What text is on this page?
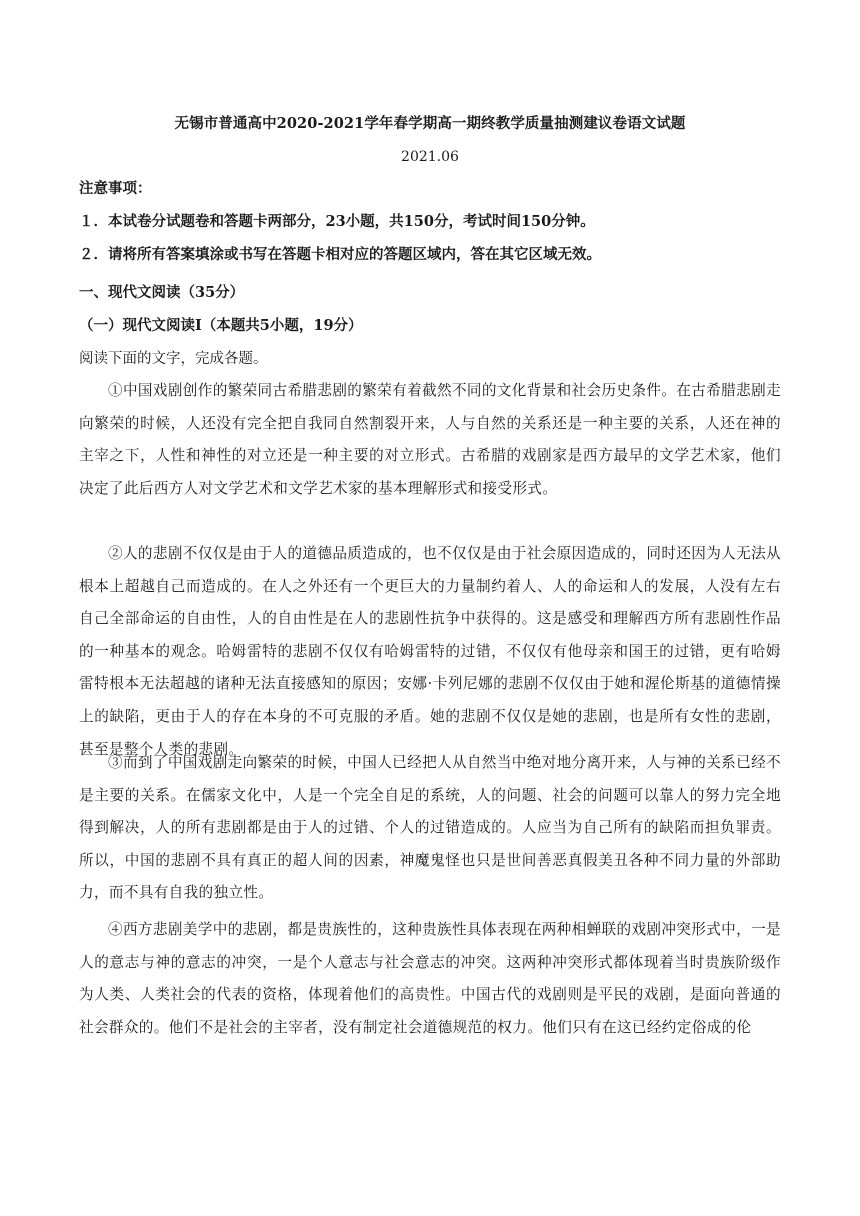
无锡市普通高中2020-2021学年春学期高一期终教学质量抽测建议卷语文试题
2021.06
注意事项：
１．本试卷分试题卷和答题卡两部分，23小题，共150分，考试时间150分钟。
２．请将所有答案填涂或书写在答题卡相对应的答题区域内，答在其它区域无效。
一、现代文阅读（35分）
（一）现代文阅读Ⅰ（本题共5小题，19分）
阅读下面的文字，完成各题。
①中国戏剧创作的繁荣同古希腊悲剧的繁荣有着截然不同的文化背景和社会历史条件。在古希腊悲剧走向繁荣的时候，人还没有完全把自我同自然割裂开来，人与自然的关系还是一种主要的关系，人还在神的主宰之下，人性和神性的对立还是一种主要的对立形式。古希腊的戏剧家是西方最早的文学艺术家，他们决定了此后西方人对文学艺术和文学艺术家的基本理解形式和接受形式。
②人的悲剧不仅仅是由于人的道德品质造成的，也不仅仅是由于社会原因造成的，同时还因为人无法从根本上超越自己而造成的。在人之外还有一个更巨大的力量制约着人、人的命运和人的发展，人没有左右自己全部命运的自由性，人的自由性是在人的悲剧性抗争中获得的。这是感受和理解西方所有悲剧性作品的一种基本的观念。哈姆雷特的悲剧不仅仅有哈姆雷特的过错，不仅仅有他母亲和国王的过错，更有哈姆雷特根本无法超越的诸种无法直接感知的原因；安娜·卡列尼娜的悲剧不仅仅由于她和渥伦斯基的道德情操上的缺陷，更由于人的存在本身的不可克服的矛盾。她的悲剧不仅仅是她的悲剧，也是所有女性的悲剧，甚至是整个人类的悲剧。
③而到了中国戏剧走向繁荣的时候，中国人已经把人从自然当中绝对地分离开来，人与神的关系已经不是主要的关系。在儒家文化中，人是一个完全自足的系统，人的问题、社会的问题可以靠人的努力完全地得到解决，人的所有悲剧都是由于人的过错、个人的过错造成的。人应当为自己所有的缺陷而担负罪责。所以，中国的悲剧不具有真正的超人间的因素，神魔鬼怪也只是世间善恶真假美丑各种不同力量的外部助力，而不具有自我的独立性。
④西方悲剧美学中的悲剧，都是贵族性的，这种贵族性具体表现在两种相蝉联的戏剧冲突形式中，一是人的意志与神的意志的冲突，一是个人意志与社会意志的冲突。这两种冲突形式都体现着当时贵族阶级作为人类、人类社会的代表的资格，体现着他们的高贵性。中国古代的戏剧则是平民的戏剧，是面向普通的社会群众的。他们不是社会的主宰者，没有制定社会道德规范的权力。他们只有在这已经约定俗成的伦
